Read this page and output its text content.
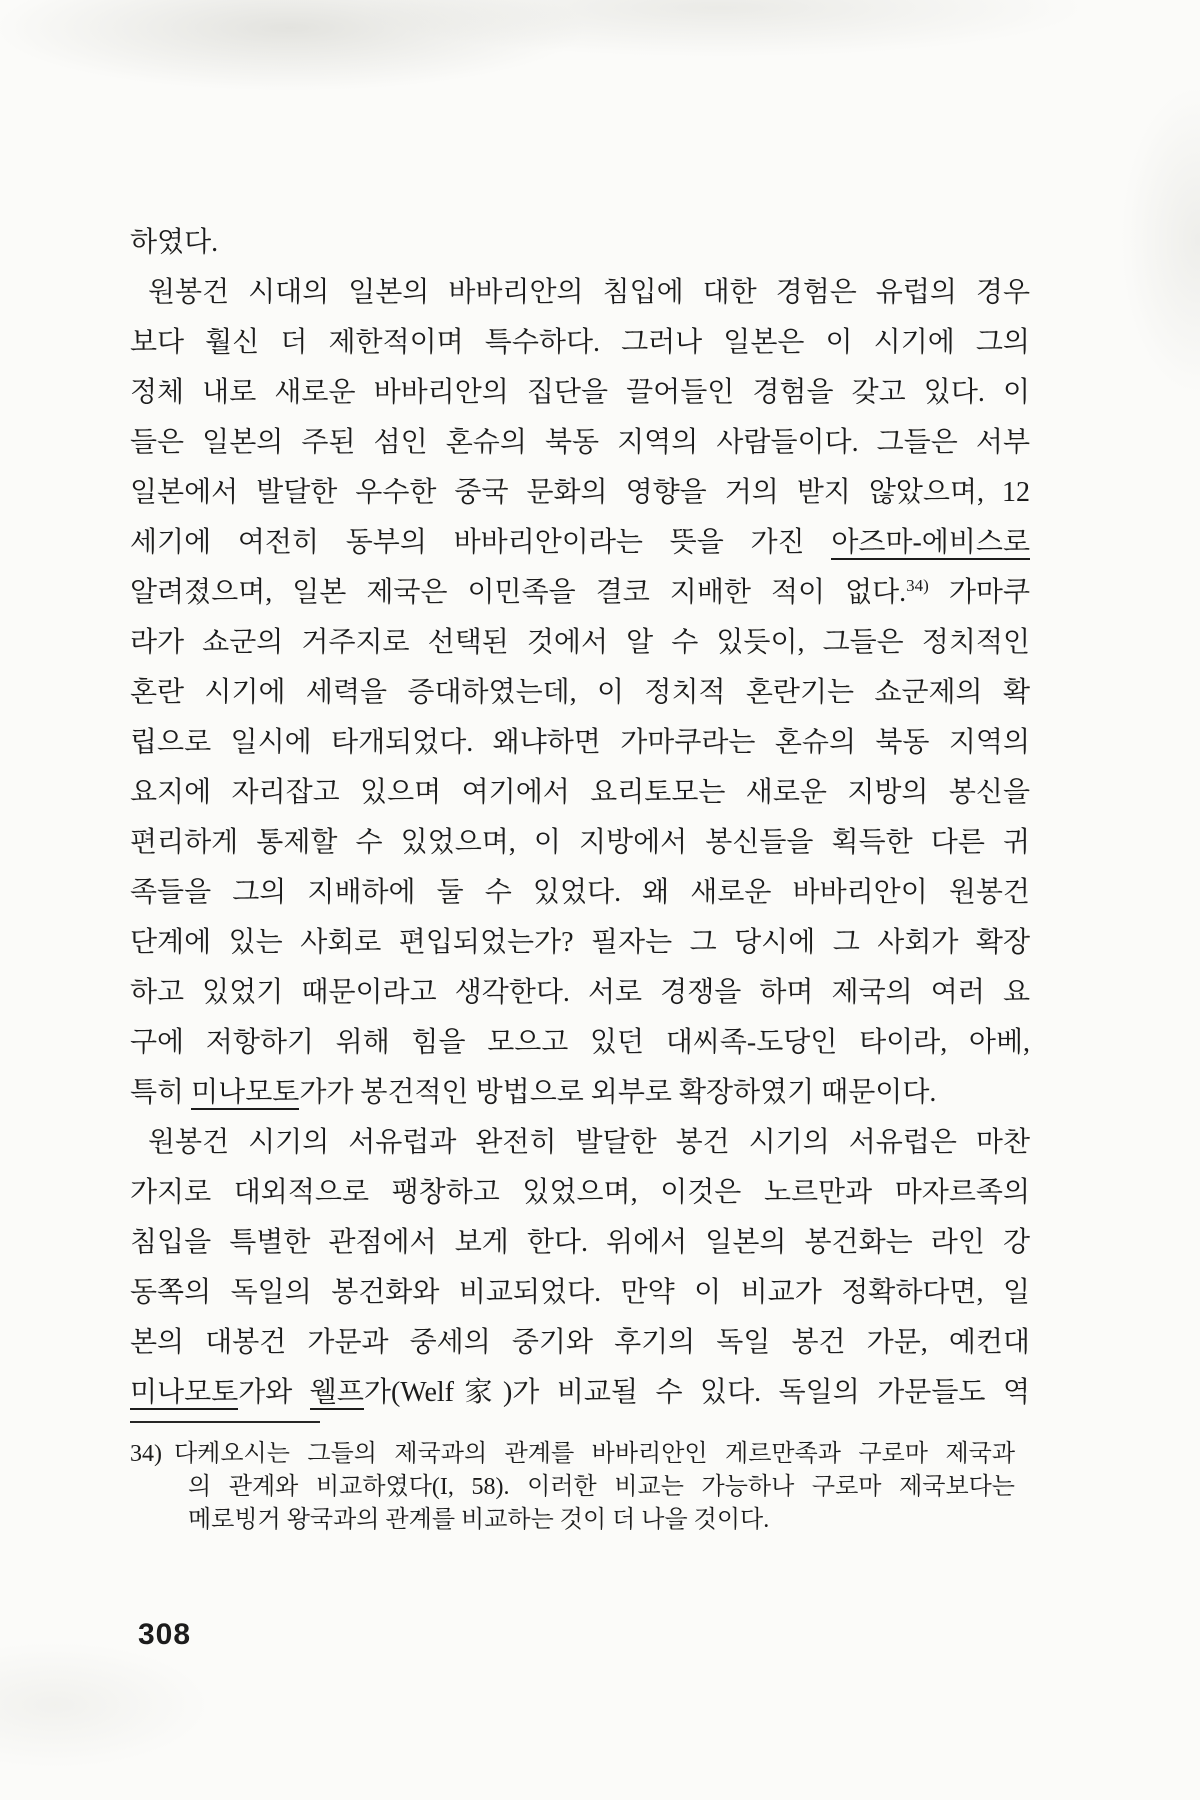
하였다.
원봉건 시대의 일본의 바바리안의 침입에 대한 경험은 유럽의 경우
보다 훨신 더 제한적이며 특수하다. 그러나 일본은 이 시기에 그의
정체 내로 새로운 바바리안의 집단을 끌어들인 경험을 갖고 있다. 이
들은 일본의 주된 섬인 혼슈의 북동 지역의 사람들이다. 그들은 서부
일본에서 발달한 우수한 중국 문화의 영향을 거의 받지 않았으며, 12
세기에 여전히 동부의 바바리안이라는 뜻을 가진 아즈마-에비스로
알려졌으며, 일본 제국은 이민족을 결코 지배한 적이 없다.$^{34)}$ 가마쿠
라가 쇼군의 거주지로 선택된 것에서 알 수 있듯이, 그들은 정치적인
혼란 시기에 세력을 증대하였는데, 이 정치적 혼란기는 쇼군제의 확
립으로 일시에 타개되었다. 왜냐하면 가마쿠라는 혼슈의 북동 지역의
요지에 자리잡고 있으며 여기에서 요리토모는 새로운 지방의 봉신을
편리하게 통제할 수 있었으며, 이 지방에서 봉신들을 획득한 다른 귀
족들을 그의 지배하에 둘 수 있었다. 왜 새로운 바바리안이 원봉건
단계에 있는 사회로 편입되었는가? 필자는 그 당시에 그 사회가 확장
하고 있었기 때문이라고 생각한다. 서로 경쟁을 하며 제국의 여러 요
구에 저항하기 위해 힘을 모으고 있던 대씨족-도당인 타이라, 아베,
특히 미나모토가가 봉건적인 방법으로 외부로 확장하였기 때문이다.
원봉건 시기의 서유럽과 완전히 발달한 봉건 시기의 서유럽은 마찬
가지로 대외적으로 팽창하고 있었으며, 이것은 노르만과 마자르족의
침입을 특별한 관점에서 보게 한다. 위에서 일본의 봉건화는 라인 강
동쪽의 독일의 봉건화와 비교되었다. 만약 이 비교가 정확하다면, 일
본의 대봉건 가문과 중세의 중기와 후기의 독일 봉건 가문, 예컨대
미나모토가와 웰프가(Welf家)가 비교될 수 있다. 독일의 가문들도 역
34) 다케오시는 그들의 제국과의 관계를 바바리안인 게르만족과 구로마 제국과
의 관계와 비교하였다(I, 58). 이러한 비교는 가능하나 구로마 제국보다는
메로빙거 왕국과의 관계를 비교하는 것이 더 나을 것이다.
308
